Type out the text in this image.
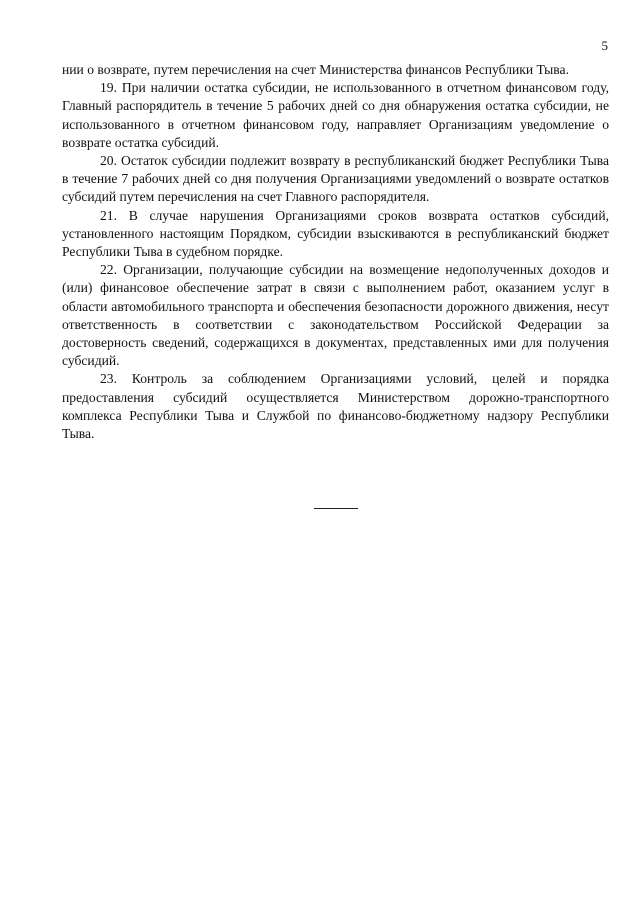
5

нии о возврате, путем перечисления на счет Министерства финансов Республики Тыва.

19. При наличии остатка субсидии, не использованного в отчетном финансовом году, Главный распорядитель в течение 5 рабочих дней со дня обнаружения остатка субсидии, не использованного в отчетном финансовом году, направляет Организациям уведомление о возврате остатка субсидий.

20. Остаток субсидии подлежит возврату в республиканский бюджет Республики Тыва в течение 7 рабочих дней со дня получения Организациями уведомлений о возврате остатков субсидий путем перечисления на счет Главного распорядителя.

21. В случае нарушения Организациями сроков возврата остатков субсидий, установленного настоящим Порядком, субсидии взыскиваются в республиканский бюджет Республики Тыва в судебном порядке.

22. Организации, получающие субсидии на возмещение недополученных доходов и (или) финансовое обеспечение затрат в связи с выполнением работ, оказанием услуг в области автомобильного транспорта и обеспечения безопасности дорожного движения, несут ответственность в соответствии с законодательством Российской Федерации за достоверность сведений, содержащихся в документах, представленных ими для получения субсидий.

23. Контроль за соблюдением Организациями условий, целей и порядка предоставления субсидий осуществляется Министерством дорожно-транспортного комплекса Республики Тыва и Службой по финансово-бюджетному надзору Республики Тыва.
